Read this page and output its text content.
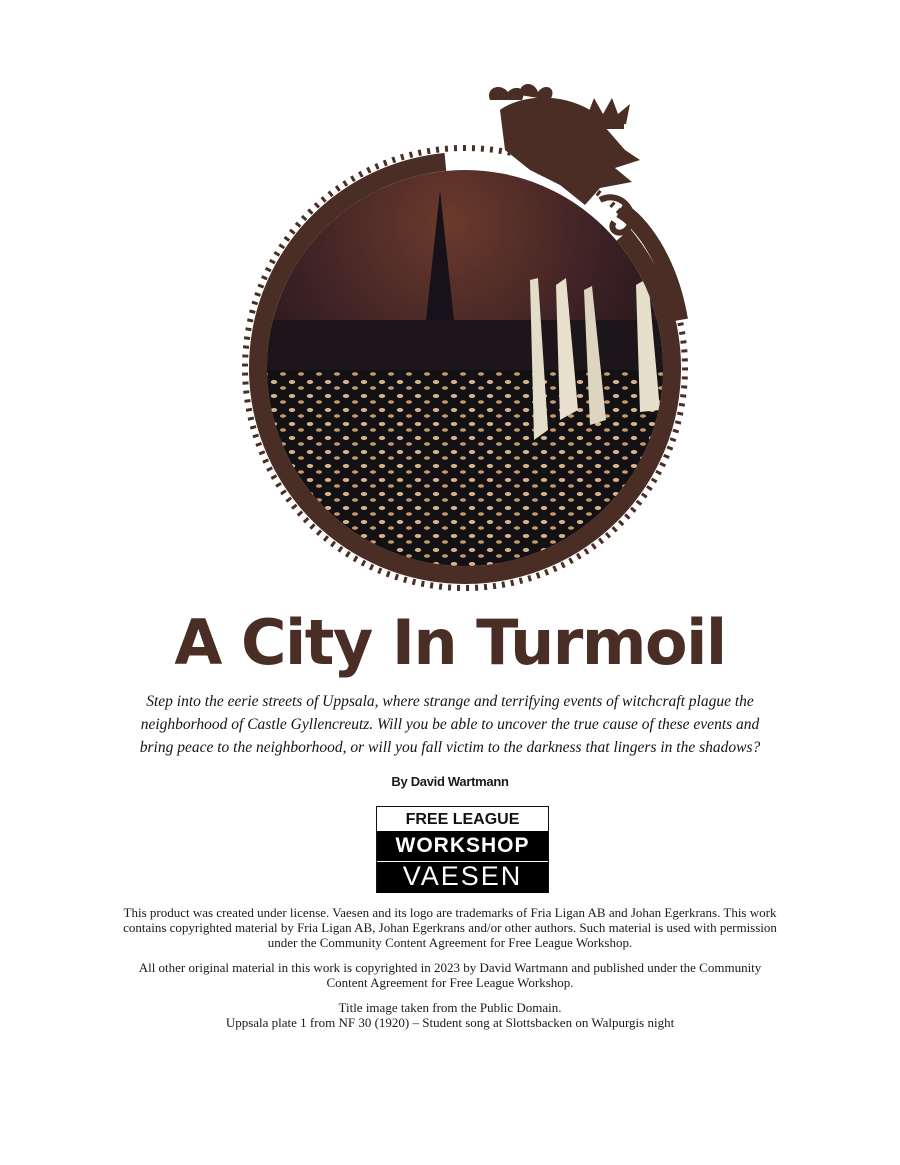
A City In Turmoil
Step into the eerie streets of Uppsala, where strange and terrifying events of witchcraft plague the neighborhood of Castle Gyllencreutz. Will you be able to uncover the true cause of these events and bring peace to the neighborhood, or will you fall victim to the darkness that lingers in the shadows?
By David Wartmann
FREE LEAGUE
WORKSHOP
VAESEN

This product was created under license. Vaesen and its logo are trademarks of Fria Ligan AB and Johan Egerkrans. This work contains copyrighted material by Fria Ligan AB, Johan Egerkrans and/or other authors. Such material is used with permission under the Community Content Agreement for Free League Workshop.

All other original material in this work is copyrighted in 2023 by David Wartmann and published under the Community Content Agreement for Free League Workshop.

Title image taken from the Public Domain.

Uppsala plate 1 from NF 30 (1920) – Student song at Slottsbacken on Walpurgis night
